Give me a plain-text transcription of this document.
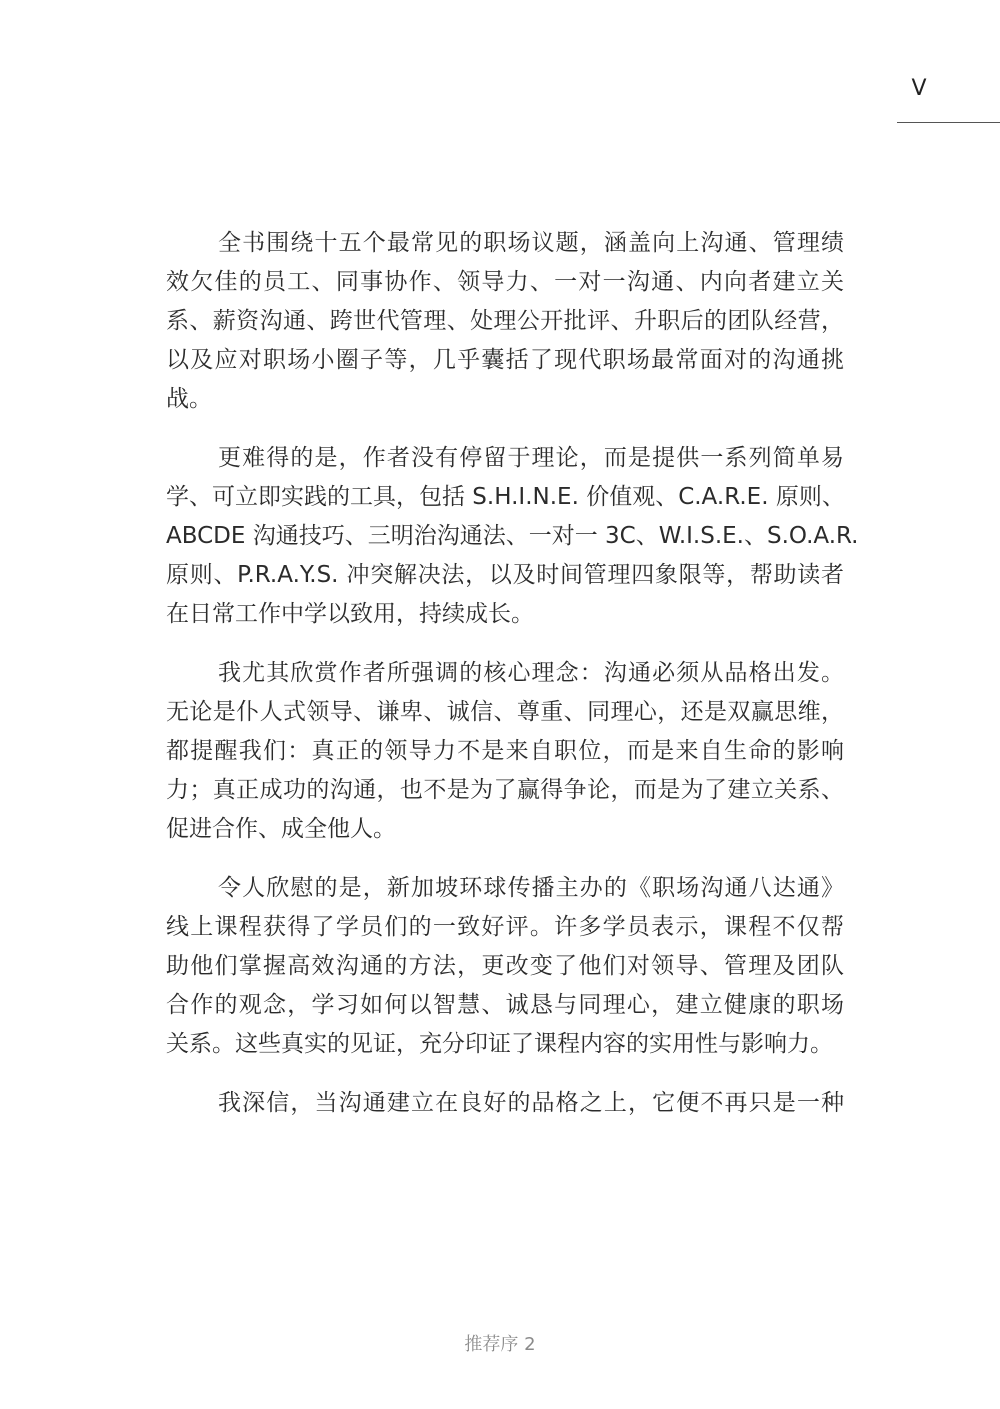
V

全书围绕十五个最常见的职场议题，涵盖向上沟通、管理绩
效欠佳的员工、同事协作、领导力、一对一沟通、内向者建立关
系、薪资沟通、跨世代管理、处理公开批评、升职后的团队经营，
以及应对职场小圈子等，几乎囊括了现代职场最常面对的沟通挑
战。

更难得的是，作者没有停留于理论，而是提供一系列简单易
学、可立即实践的工具，包括 S.H.I.N.E. 价值观、C.A.R.E. 原则、
ABCDE 沟通技巧、三明治沟通法、一对一 3C、W.I.S.E.、S.O.A.R.
原则、P.R.A.Y.S. 冲突解决法，以及时间管理四象限等，帮助读者
在日常工作中学以致用，持续成长。

我尤其欣赏作者所强调的核心理念：沟通必须从品格出发。
无论是仆人式领导、谦卑、诚信、尊重、同理心，还是双赢思维，
都提醒我们：真正的领导力不是来自职位，而是来自生命的影响
力；真正成功的沟通，也不是为了赢得争论，而是为了建立关系、
促进合作、成全他人。

令人欣慰的是，新加坡环球传播主办的《职场沟通八达通》
线上课程获得了学员们的一致好评。许多学员表示，课程不仅帮
助他们掌握高效沟通的方法，更改变了他们对领导、管理及团队
合作的观念，学习如何以智慧、诚恳与同理心，建立健康的职场
关系。这些真实的见证，充分印证了课程内容的实用性与影响力。

我深信，当沟通建立在良好的品格之上，它便不再只是一种

推荐序 2
